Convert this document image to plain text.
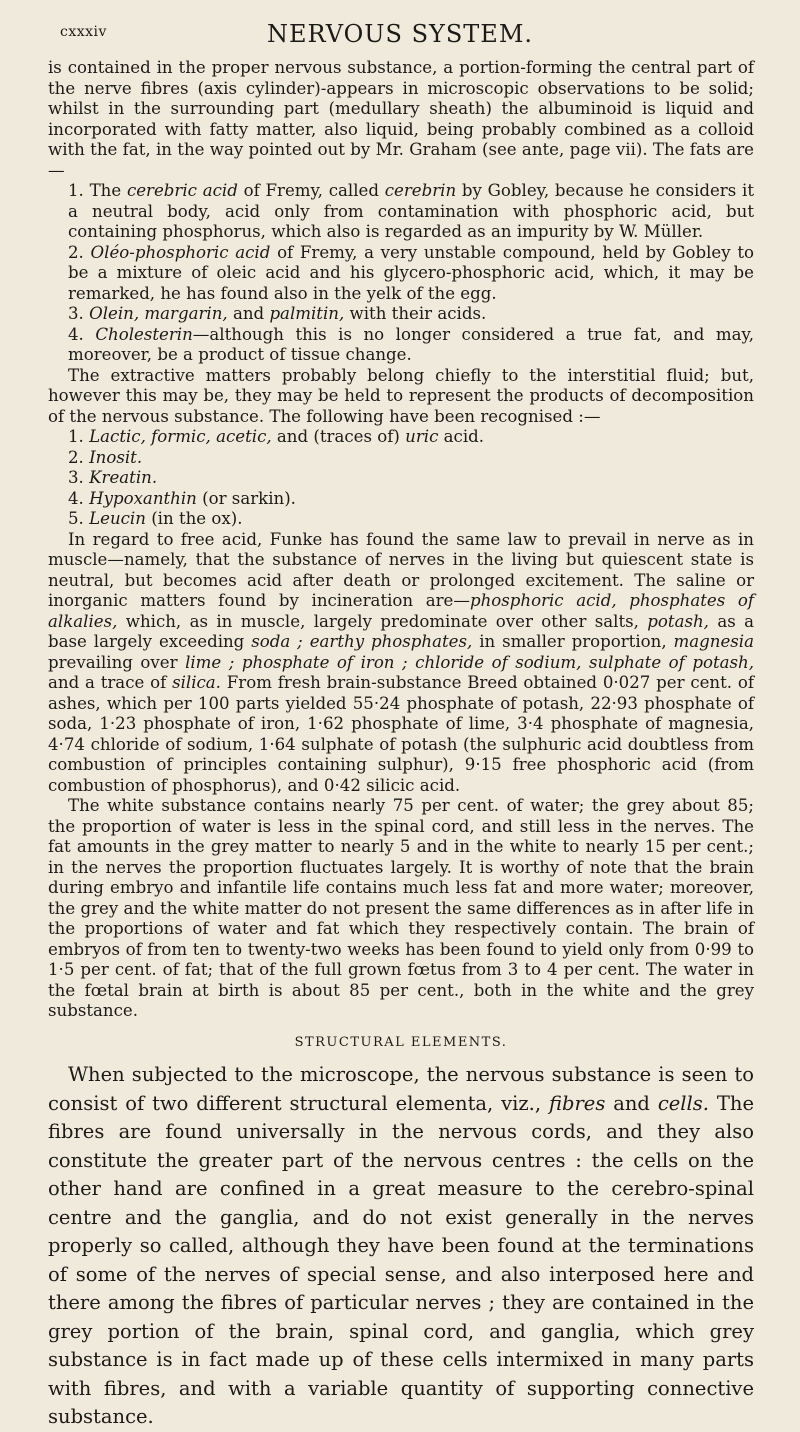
cxxxiv	NERVOUS SYSTEM.

is contained in the proper nervous substance, a portion-forming the central part of the nerve fibres (axis cylinder)-appears in microscopic observations to be solid; whilst in the surrounding part (medullary sheath) the albuminoid is liquid and incorporated with fatty matter, also liquid, being probably combined as a colloid with the fat, in the way pointed out by Mr. Graham (see ante, page vii). The fats are—

1. The cerebric acid of Fremy, called cerebrin by Gobley, because he considers it a neutral body, acid only from contamination with phosphoric acid, but containing phosphorus, which also is regarded as an impurity by W. Müller.

2. Oléo-phosphoric acid of Fremy, a very unstable compound, held by Gobley to be a mixture of oleic acid and his glycero-phosphoric acid, which, it may be remarked, he has found also in the yelk of the egg.

3. Olein, margarin, and palmitin, with their acids.

4. Cholesterin—although this is no longer considered a true fat, and may, moreover, be a product of tissue change.

The extractive matters probably belong chiefly to the interstitial fluid; but, however this may be, they may be held to represent the products of decomposition of the nervous substance. The following have been recognised :—

1. Lactic, formic, acetic, and (traces of) uric acid.

2. Inosit.

3. Kreatin.

4. Hypoxanthin (or sarkin).

5. Leucin (in the ox).

In regard to free acid, Funke has found the same law to prevail in nerve as in muscle—namely, that the substance of nerves in the living but quiescent state is neutral, but becomes acid after death or prolonged excitement. The saline or inorganic matters found by incineration are—phosphoric acid, phosphates of alkalies, which, as in muscle, largely predominate over other salts, potash, as a base largely exceeding soda ; earthy phosphates, in smaller proportion, magnesia prevailing over lime ; phosphate of iron ; chloride of sodium, sulphate of potash, and a trace of silica. From fresh brain-substance Breed obtained 0·027 per cent. of ashes, which per 100 parts yielded 55·24 phosphate of potash, 22·93 phosphate of soda, 1·23 phosphate of iron, 1·62 phosphate of lime, 3·4 phosphate of magnesia, 4·74 chloride of sodium, 1·64 sulphate of potash (the sulphuric acid doubtless from combustion of principles containing sulphur), 9·15 free phosphoric acid (from combustion of phosphorus), and 0·42 silicic acid.

The white substance contains nearly 75 per cent. of water; the grey about 85; the proportion of water is less in the spinal cord, and still less in the nerves. The fat amounts in the grey matter to nearly 5 and in the white to nearly 15 per cent.; in the nerves the proportion fluctuates largely. It is worthy of note that the brain during embryo and infantile life contains much less fat and more water; moreover, the grey and the white matter do not present the same differences as in after life in the proportions of water and fat which they respectively contain. The brain of embryos of from ten to twenty-two weeks has been found to yield only from 0·99 to 1·5 per cent. of fat; that of the full grown fœtus from 3 to 4 per cent. The water in the fœtal brain at birth is about 85 per cent., both in the white and the grey substance.

STRUCTURAL ELEMENTS.

When subjected to the microscope, the nervous substance is seen to consist of two different structural elementa, viz., fibres and cells. The fibres are found universally in the nervous cords, and they also constitute the greater part of the nervous centres : the cells on the other hand are confined in a great measure to the cerebro-spinal centre and the ganglia, and do not exist generally in the nerves properly so called, although they have been found at the terminations of some of the nerves of special sense, and also interposed here and there among the fibres of particular nerves ; they are contained in the grey portion of the brain, spinal cord, and ganglia, which grey substance is in fact made up of these cells intermixed in many parts with fibres, and with a variable quantity of supporting connective substance.
